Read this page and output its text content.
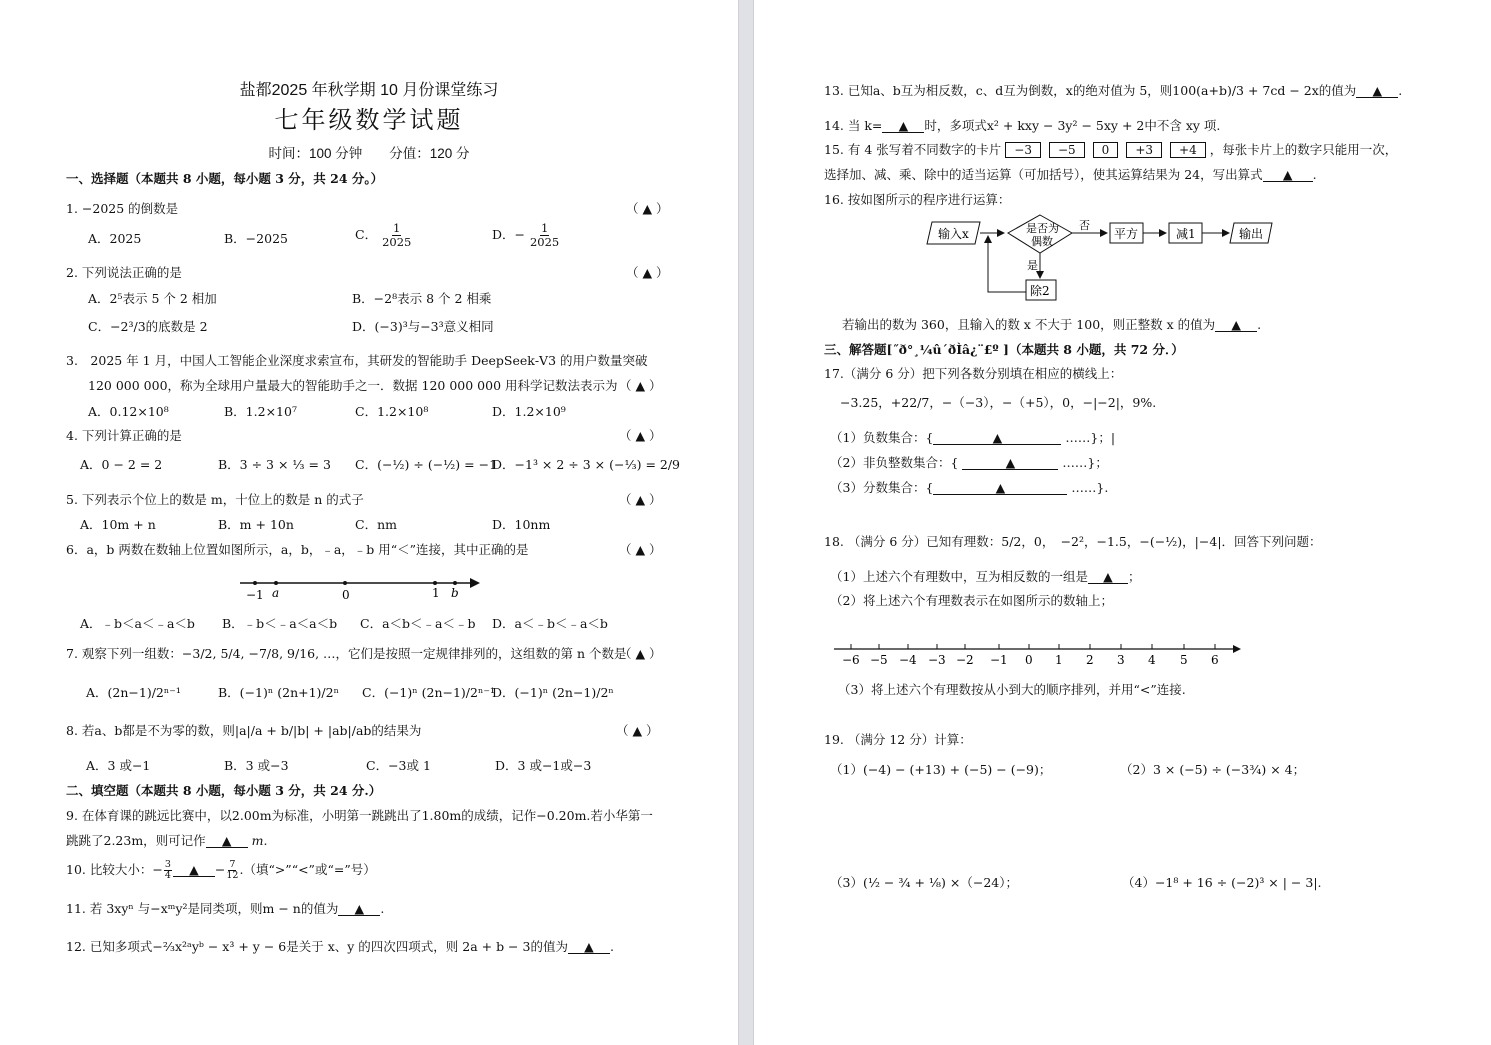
盐都2025 年秋学期 10 月份课堂练习
七年级数学试题
时间：100 分钟　　分值：120 分
一、选择题（本题共 8 小题，每小题 3 分，共 24 分。）
1. −2025 的倒数是	（ ▲ ）
A．2025	B．−2025	C． $\frac{1}{2025}$	D．− $\frac{1}{2025}$
2. 下列说法正确的是	（ ▲ ）
A．2⁵表示 5 个 2 相加	B．−2⁸表示 8 个 2 相乘
C．−2³/3的底数是 2	D．(−3)³与−3³意义相同
3.　2025 年 1 月，中国人工智能企业深度求索宣布，其研发的智能助手 DeepSeek‑V3 的用户数量突破
120 000 000，称为全球用户量最大的智能助手之一．数据 120 000 000 用科学记数法表示为 （ ▲ ）
A．0.12×10⁸	B．1.2×10⁷	C．1.2×10⁸	D．1.2×10⁹
4. 下列计算正确的是	（ ▲ ）
A．0 − 2 = 2	B．3 ÷ 3 × ⅓ = 3 C．(−½) ÷ (−½) = −1
D．−1³ × 2 ÷ 3 × (−⅓) = 2/9
5. 下列表示个位上的数是 m，十位上的数是 n 的式子	（ ▲ ）
A．10m + n	B．m + 10n	C．nm	D．10nm
6．a，b 两数在数轴上位置如图所示，a，b，﹣a，﹣b 用“＜”连接，其中正确的是	（ ▲ ）
−1 a	0	1 b
A．﹣b＜a＜﹣a＜b B．﹣b＜﹣a＜a＜b C．a＜b＜﹣a＜﹣b D．a＜﹣b＜﹣a＜b
7. 观察下列一组数：−3/2, 5/4, −7/8, 9/16, …，它们是按照一定规律排列的，这组数的第 n 个数是
（ ▲ ）
A．(2n−1)/2ⁿ⁻¹	B．(−1)ⁿ (2n+1)/2ⁿ C．(−1)ⁿ (2n−1)/2ⁿ⁻¹
D．(−1)ⁿ (2n−1)/2ⁿ
8. 若a、b都是不为零的数，则|a|/a + b/|b| + |ab|/ab的结果为	（ ▲ ）
A．3 或−1	B．3 或−3	C．−3或 1	D．3 或−1或−3
二、填空题（本题共 8 小题，每小题 3 分，共 24 分.）
9. 在体育课的跳远比赛中，以2.00m为标准，小明第一跳跳出了1.80m的成绩，记作−0.20m.若小华第一
跳跳了2.23m，则可记作 ▲ m.
10. 比较大小：− $\frac{3}{4}$ ▲ − $\frac{7}{12}$ .（填“>”“<”或“=”号）
11. 若 3xyⁿ 与−xᵐy²是同类项，则m − n的值为 ▲ .
12. 已知多项式−⅔x²ᵃyᵇ − x³ + y − 6是关于 x、y 的四次四项式，则 2a + b − 3的值为 ▲ .
13. 已知a、b互为相反数，c、d互为倒数，x的绝对值为 5，则100(a+b)/3 + 7cd − 2x的值为 ▲ .
14. 当 k= ▲ 时，多项式x² + kxy − 3y² − 5xy + 2中不含 xy 项.
15. 有 4 张写着不同数字的卡片 −3 −5 0 +3 +4 ，每张卡片上的数字只能用一次，
选择加、减、乘、除中的适当运算（可加括号），使其运算结果为 24，写出算式 ▲ .
16. 按如图所示的程序进行运算：
输入x	是否为
偶数
否
平方	减1	输出
是
除2
若输出的数为 360，且输入的数 x 不大于 100，则正整数 x 的值为 ▲ .
三、解答题[˝ð°¸¼û´ðÌâ¿¨£º ]（本题共 8 小题，共 72 分．）
17.（满分 6 分）把下列各数分别填在相应的横线上：
−3.25，+22/7，−（−3），−（+5），0，−|−2|，9%.
（1）负数集合：{	▲	……}；|
（2）非负整数集合：{	▲	……}；
（3）分数集合：{	▲	……}.
18. （满分 6 分）已知有理数：5/2，0，　−2²，−1.5，−(−½)，|−4|．回答下列问题：
（1）上述六个有理数中，互为相反数的一组是 ▲ ；
（2）将上述六个有理数表示在如图所示的数轴上；
−6 −5 −4 −3 −2 −1 0 1 2 3 4 5 6
（3）将上述六个有理数按从小到大的顺序排列，并用“<”连接.
19. （满分 12 分）计算：
（1）(−4) − (+13) + (−5) − (−9)；	（2）3 × (−5) ÷ (−3¾) × 4；
（3）(½ − ¾ + ⅛) ×（−24）；	（4）−1⁸ + 16 ÷ (−2)³ × | − 3|.
